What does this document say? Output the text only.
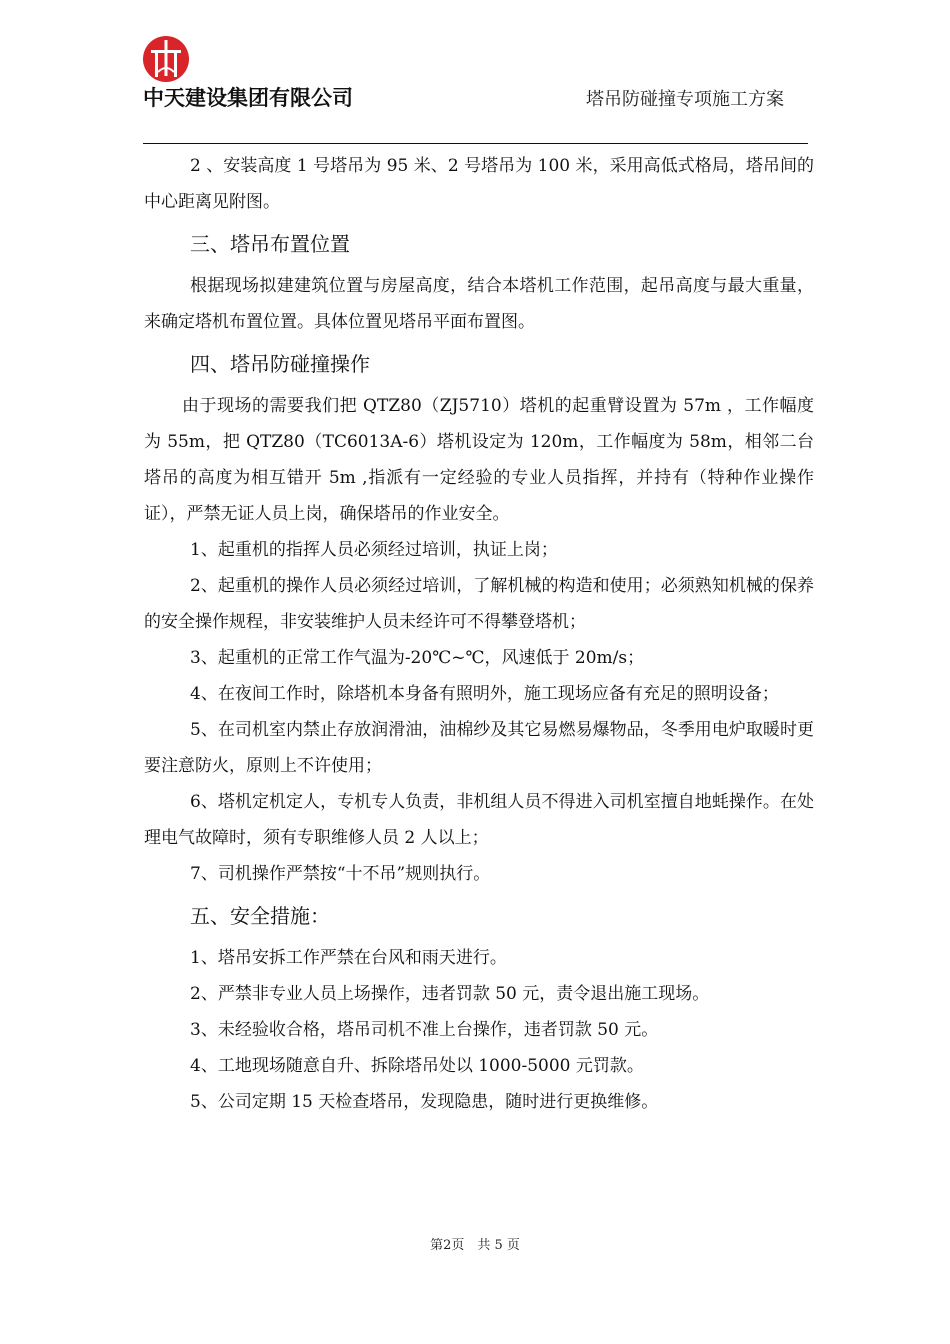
中天建设集团有限公司	塔吊防碰撞专项施工方案

2 、安装高度 1 号塔吊为 95 米、2 号塔吊为 100 米，采用高低式格局，塔吊间的中心距离见附图。

三、塔吊布置位置

根据现场拟建建筑位置与房屋高度，结合本塔机工作范围，起吊高度与最大重量，来确定塔机布置位置。具体位置见塔吊平面布置图。

四、塔吊防碰撞操作

由于现场的需要我们把 QTZ80（ZJ5710）塔机的起重臂设置为 57m ，工作幅度为 55m，把 QTZ80（TC6013A-6）塔机设定为 120m，工作幅度为 58m，相邻二台塔吊的高度为相互错开 5m ,指派有一定经验的专业人员指挥，并持有（特种作业操作证），严禁无证人员上岗，确保塔吊的作业安全。

1、起重机的指挥人员必须经过培训，执证上岗；

2、起重机的操作人员必须经过培训，了解机械的构造和使用；必须熟知机械的保养的安全操作规程，非安装维护人员未经许可不得攀登塔机；

3、起重机的正常工作气温为-20℃~℃，风速低于 20m/s；

4、在夜间工作时，除塔机本身备有照明外，施工现场应备有充足的照明设备；

5、在司机室内禁止存放润滑油，油棉纱及其它易燃易爆物品，冬季用电炉取暖时更要注意防火，原则上不许使用；

6、塔机定机定人，专机专人负责，非机组人员不得进入司机室擅自地蚝操作。在处理电气故障时，须有专职维修人员 2 人以上；

7、司机操作严禁按“十不吊”规则执行。

五、安全措施：

1、塔吊安拆工作严禁在台风和雨天进行。

2、严禁非专业人员上场操作，违者罚款 50 元，责令退出施工现场。

3、未经验收合格，塔吊司机不准上台操作，违者罚款 50 元。

4、工地现场随意自升、拆除塔吊处以 1000-5000 元罚款。

5、公司定期 15 天检查塔吊，发现隐患，随时进行更换维修。

第2页　共 5 页
